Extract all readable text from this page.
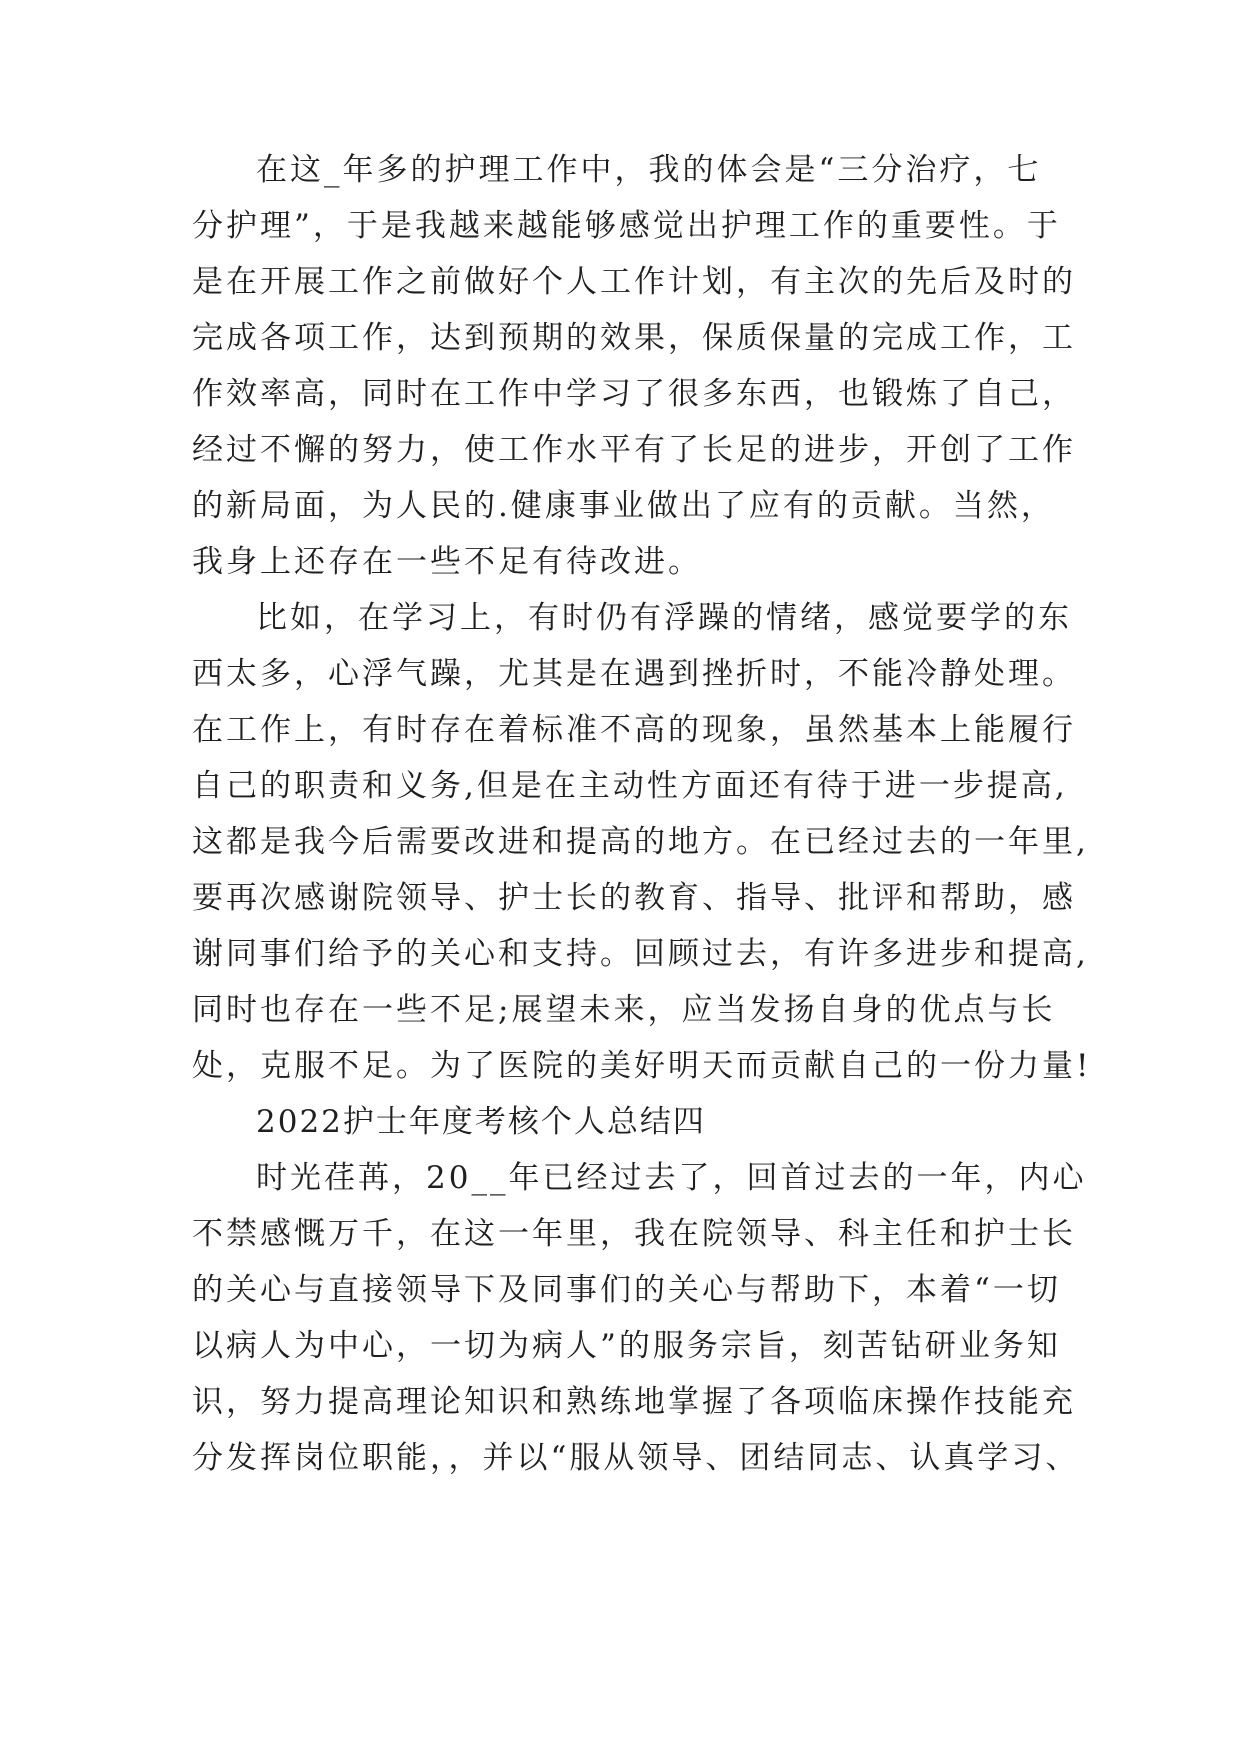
在这_年多的护理工作中，我的体会是“三分治疗，七

分护理”，于是我越来越能够感觉出护理工作的重要性。于

是在开展工作之前做好个人工作计划，有主次的先后及时的

完成各项工作，达到预期的效果，保质保量的完成工作，工

作效率高，同时在工作中学习了很多东西，也锻炼了自己，

经过不懈的努力，使工作水平有了长足的进步，开创了工作

的新局面，为人民的.健康事业做出了应有的贡献。当然，

我身上还存在一些不足有待改进。

比如，在学习上，有时仍有浮躁的情绪，感觉要学的东

西太多，心浮气躁，尤其是在遇到挫折时，不能冷静处理。

在工作上，有时存在着标准不高的现象，虽然基本上能履行

自己的职责和义务,但是在主动性方面还有待于进一步提高,

这都是我今后需要改进和提高的地方。在已经过去的一年里,

要再次感谢院领导、护士长的教育、指导、批评和帮助，感

谢同事们给予的关心和支持。回顾过去，有许多进步和提高,

同时也存在一些不足;展望未来，应当发扬自身的优点与长

处，克服不足。为了医院的美好明天而贡献自己的一份力量!

2022护士年度考核个人总结四

时光荏苒，20__年已经过去了，回首过去的一年，内心

不禁感慨万千，在这一年里，我在院领导、科主任和护士长

的关心与直接领导下及同事们的关心与帮助下，本着“一切

以病人为中心，一切为病人”的服务宗旨，刻苦钻研业务知

识，努力提高理论知识和熟练地掌握了各项临床操作技能充

分发挥岗位职能，，并以“服从领导、团结同志、认真学习、
